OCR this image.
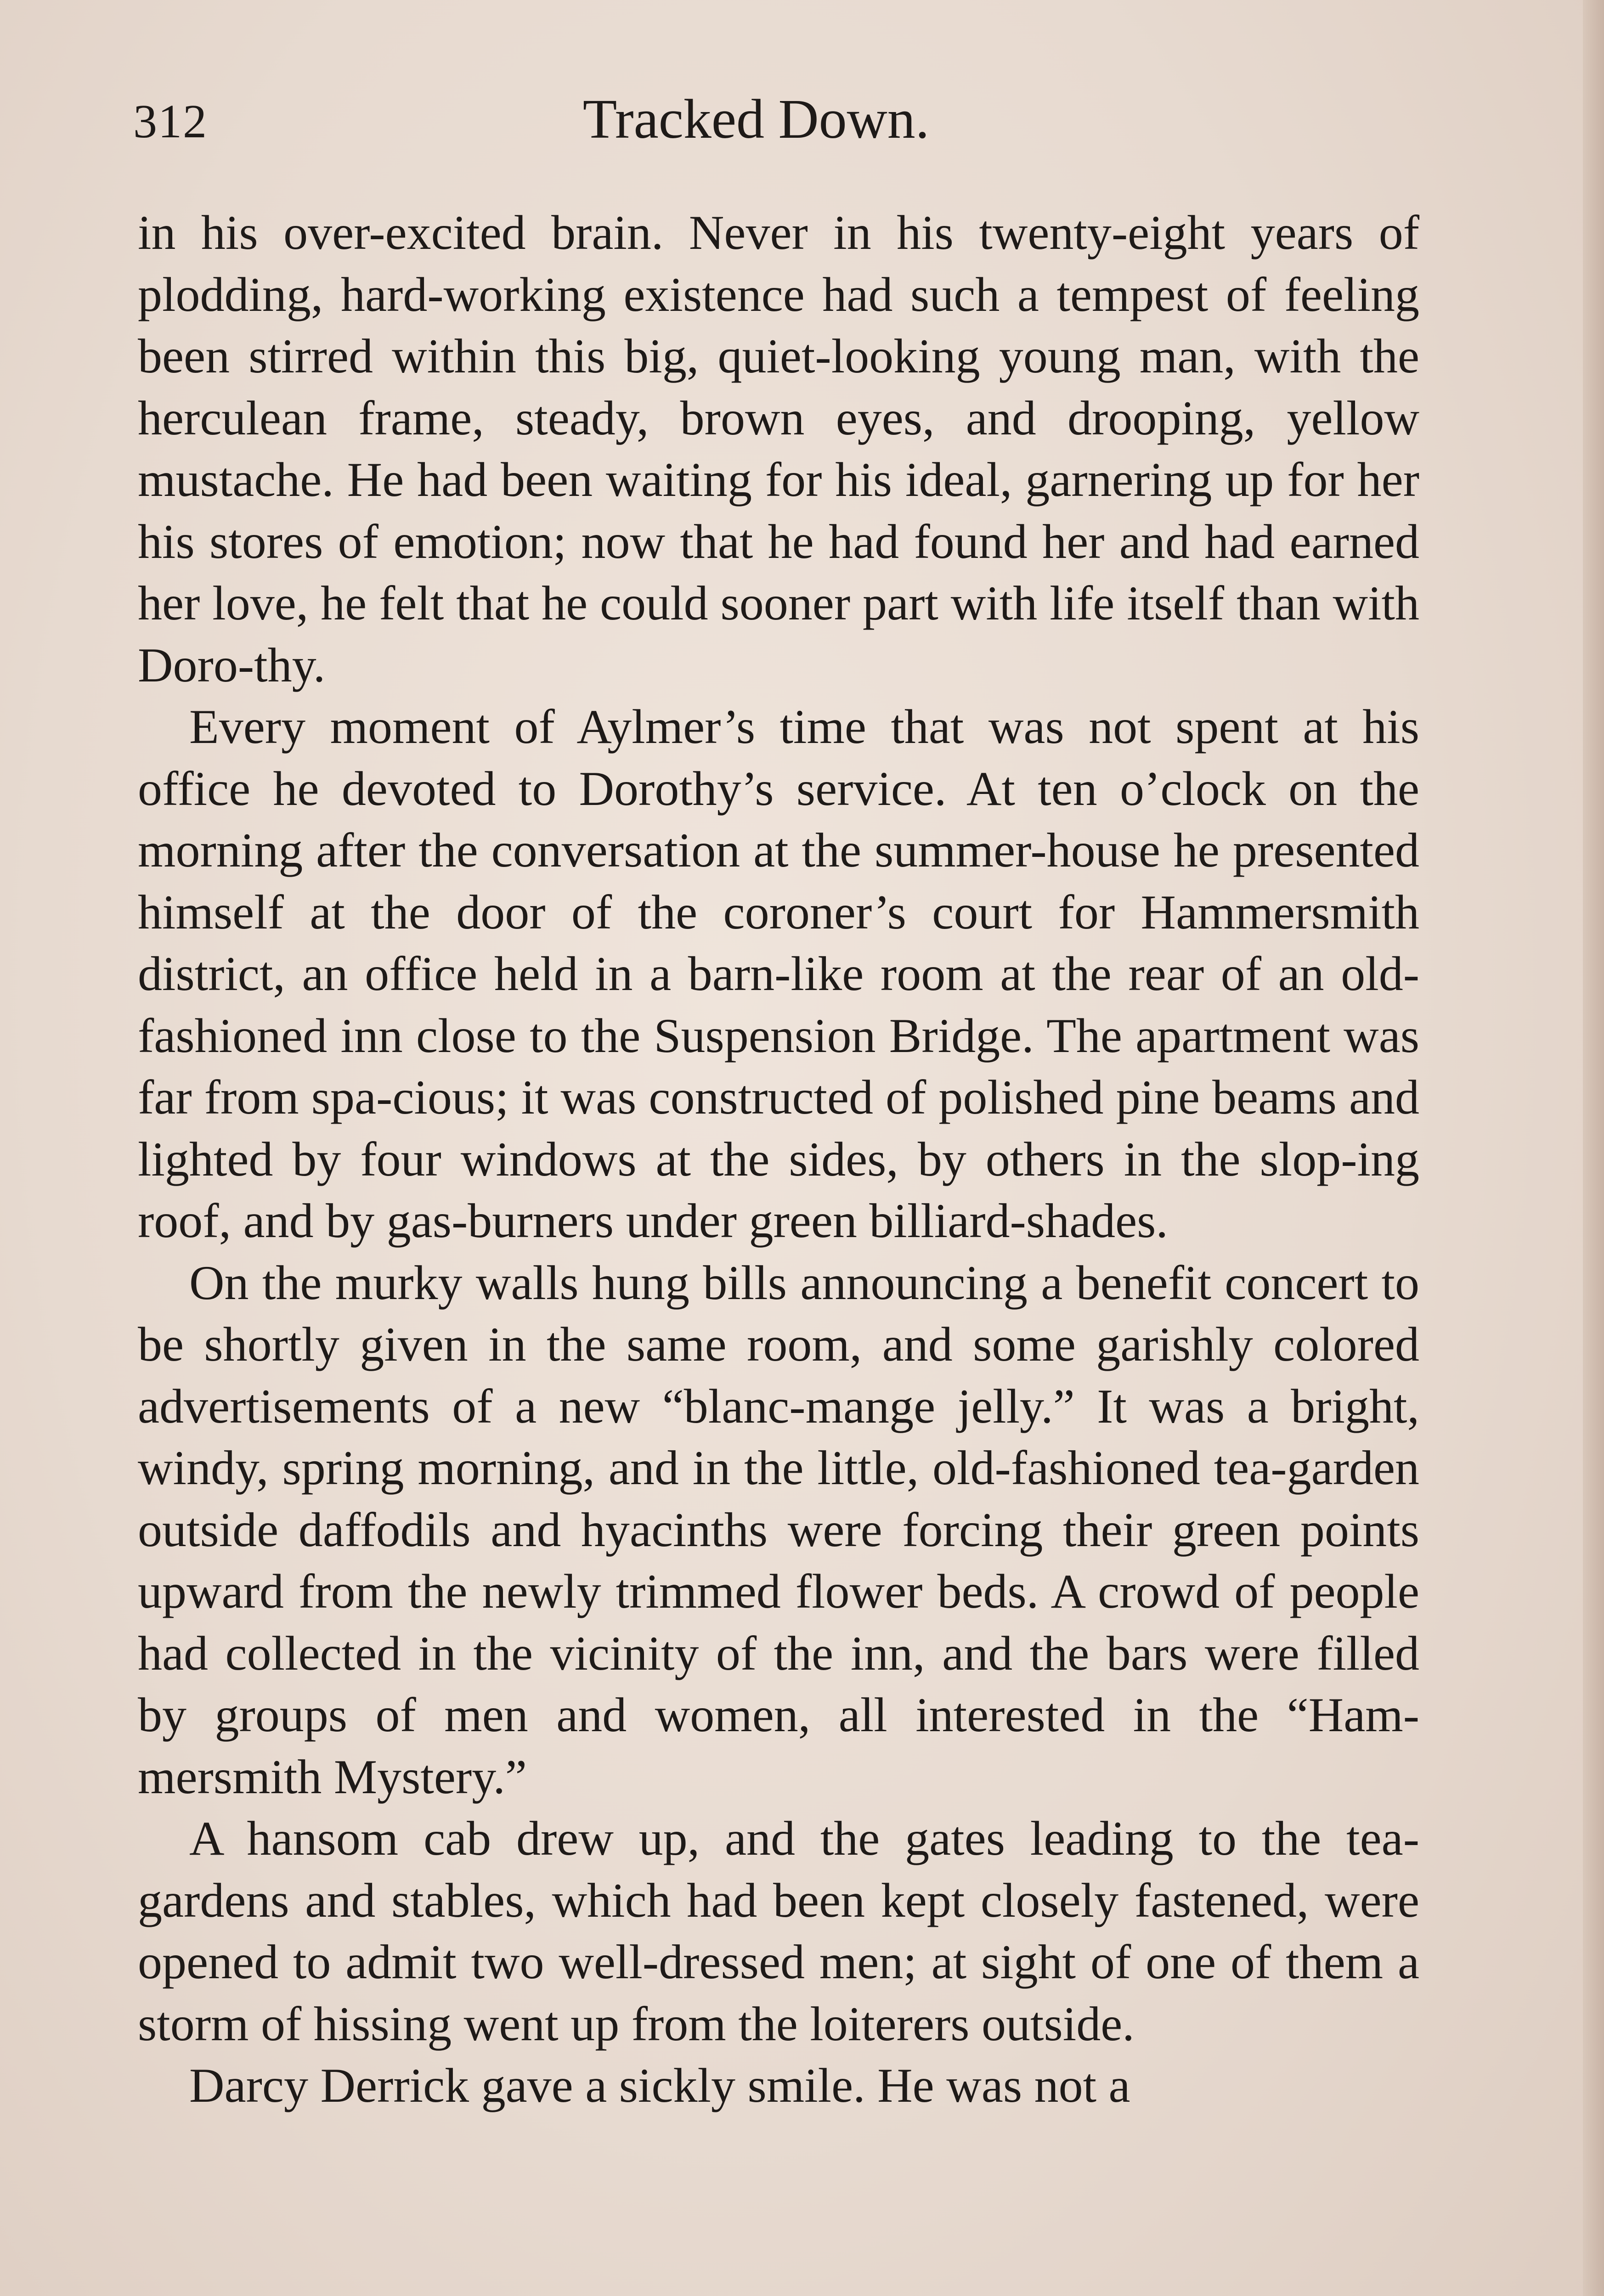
312	Tracked Down.

in his over-excited brain. Never in his twenty-eight years of plodding, hard-working existence had such a tempest of feeling been stirred within this big, quiet-looking young man, with the herculean frame, steady, brown eyes, and drooping, yellow mustache. He had been waiting for his ideal, garnering up for her his stores of emotion; now that he had found her and had earned her love, he felt that he could sooner part with life itself than with Doro-thy.

Every moment of Aylmer’s time that was not spent at his office he devoted to Dorothy’s service. At ten o’clock on the morning after the conversation at the summer-house he presented himself at the door of the coroner’s court for Hammersmith district, an office held in a barn-like room at the rear of an old-fashioned inn close to the Suspension Bridge. The apartment was far from spa-cious; it was constructed of polished pine beams and lighted by four windows at the sides, by others in the slop-ing roof, and by gas-burners under green billiard-shades.

On the murky walls hung bills announcing a benefit concert to be shortly given in the same room, and some garishly colored advertisements of a new “blanc-mange jelly.” It was a bright, windy, spring morning, and in the little, old-fashioned tea-garden outside daffodils and hyacinths were forcing their green points upward from the newly trimmed flower beds. A crowd of people had collected in the vicinity of the inn, and the bars were filled by groups of men and women, all interested in the “Ham-mersmith Mystery.”

A hansom cab drew up, and the gates leading to the tea-gardens and stables, which had been kept closely fastened, were opened to admit two well-dressed men; at sight of one of them a storm of hissing went up from the loiterers outside.

Darcy Derrick gave a sickly smile. He was not a
